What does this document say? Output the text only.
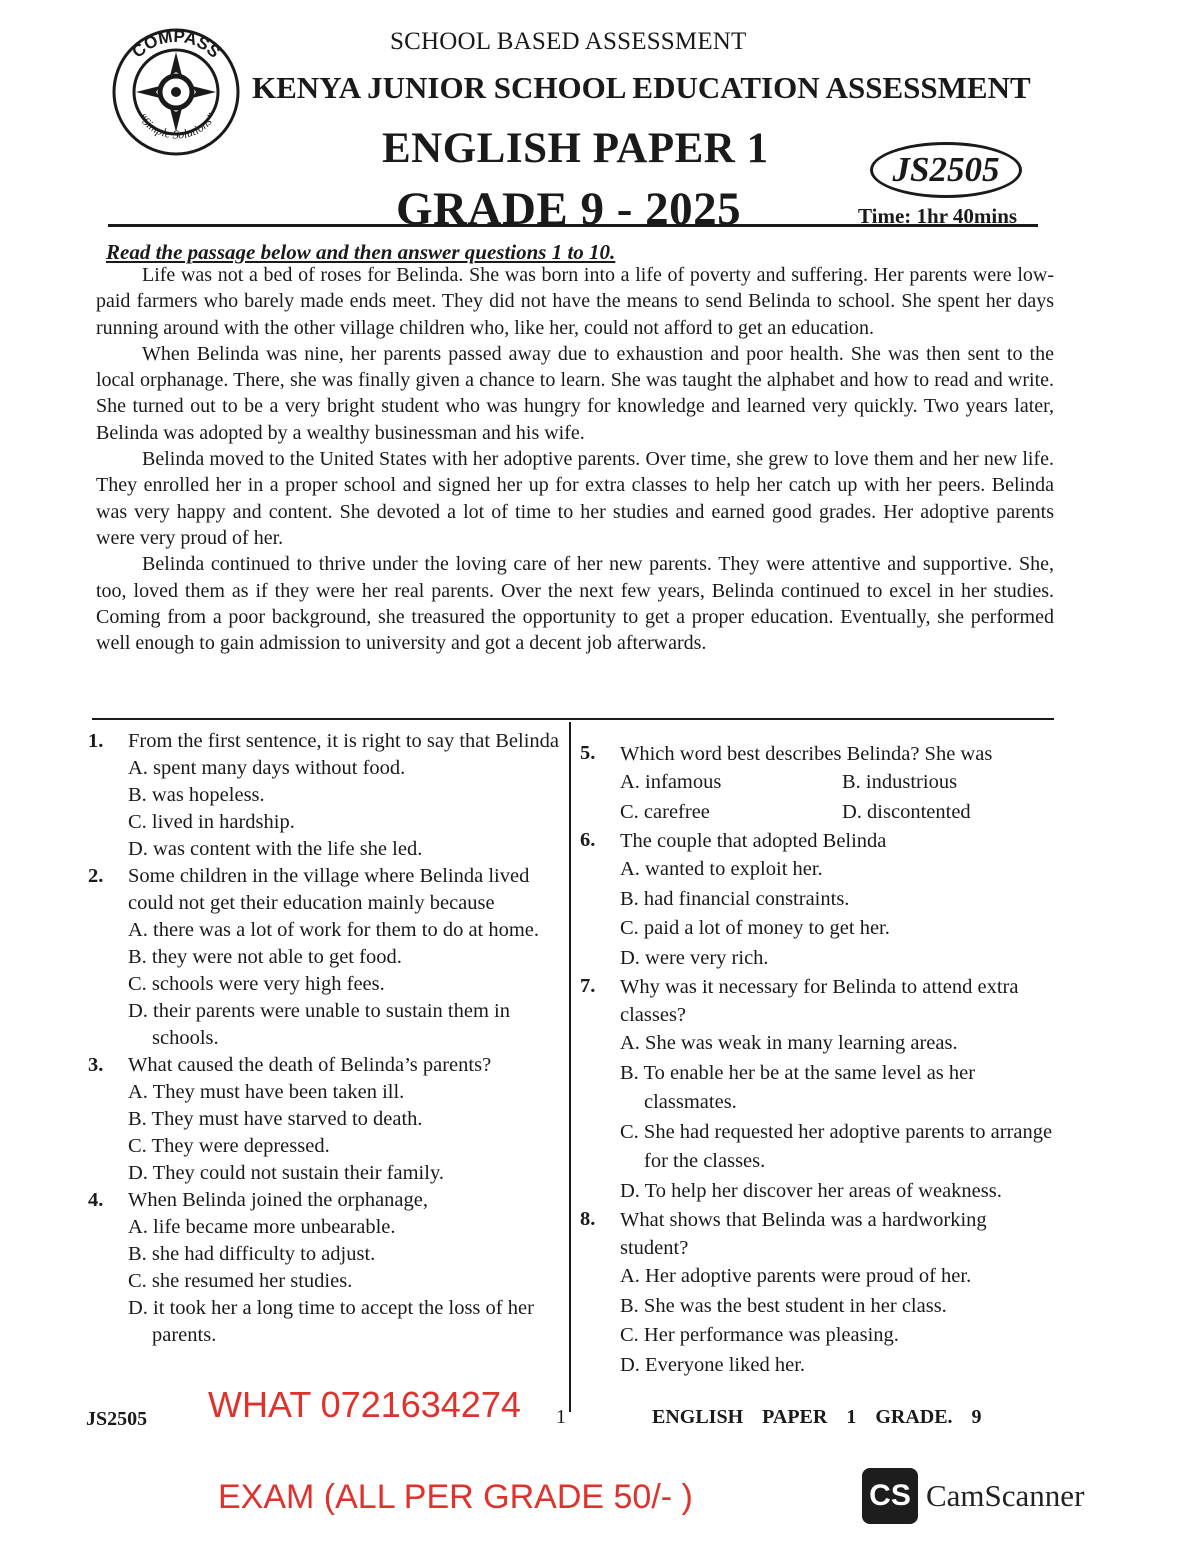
COMPASS
“Simple Solutions”
SCHOOL BASED ASSESSMENT
KENYA JUNIOR SCHOOL EDUCATION ASSESSMENT
ENGLISH PAPER 1
GRADE 9 - 2025
JS2505
Time: 1hr 40mins
Read the passage below and then answer questions 1 to 10.

Life was not a bed of roses for Belinda. She was born into a life of poverty and suffering. Her parents were low-paid farmers who barely made ends meet. They did not have the means to send Belinda to school. She spent her days running around with the other village children who, like her, could not afford to get an education.

When Belinda was nine, her parents passed away due to exhaustion and poor health. She was then sent to the local orphanage. There, she was finally given a chance to learn. She was taught the alphabet and how to read and write. She turned out to be a very bright student who was hungry for knowledge and learned very quickly. Two years later, Belinda was adopted by a wealthy businessman and his wife.

Belinda moved to the United States with her adoptive parents. Over time, she grew to love them and her new life. They enrolled her in a proper school and signed her up for extra classes to help her catch up with her peers. Belinda was very happy and content. She devoted a lot of time to her studies and earned good grades. Her adoptive parents were very proud of her.

Belinda continued to thrive under the loving care of her new parents. They were attentive and supportive. She, too, loved them as if they were her real parents. Over the next few years, Belinda continued to excel in her studies. Coming from a poor background, she treasured the opportunity to get a proper education. Eventually, she performed well enough to gain admission to university and got a decent job afterwards.

1.	From the first sentence, it is right to say that Belinda

A. spent many days without food.

B. was hopeless.

C. lived in hardship.

D. was content with the life she led.

2.	Some children in the village where Belinda lived could not get their education mainly because

A. there was a lot of work for them to do at home.

B. they were not able to get food.

C. schools were very high fees.

D. their parents were unable to sustain them in schools.

3.	What caused the death of Belinda’s parents?

A. They must have been taken ill.

B. They must have starved to death.

C. They were depressed.

D. They could not sustain their family.

4.	When Belinda joined the orphanage,

A. life became more unbearable.

B. she had difficulty to adjust.

C. she resumed her studies.

D. it took her a long time to accept the loss of her parents.

5.	Which word best describes Belinda? She was

A. infamous	B. industrious

C. carefree	D. discontented

6.	The couple that adopted Belinda

A. wanted to exploit her.

B. had financial constraints.

C. paid a lot of money to get her.

D. were very rich.

7.	Why was it necessary for Belinda to attend extra classes?

A. She was weak in many learning areas.

B. To enable her be at the same level as her classmates.

C. She had requested her adoptive parents to arrange for the classes.

D. To help her discover her areas of weakness.

8.	What shows that Belinda was a hardworking student?

A. Her adoptive parents were proud of her.

B. She was the best student in her class.

C. Her performance was pleasing.

D. Everyone liked her.

JS2505 WHAT 0721634274 1	ENGLISH PAPER 1 GRADE. 9
EXAM (ALL PER GRADE 50/- )	CS CamScanner
